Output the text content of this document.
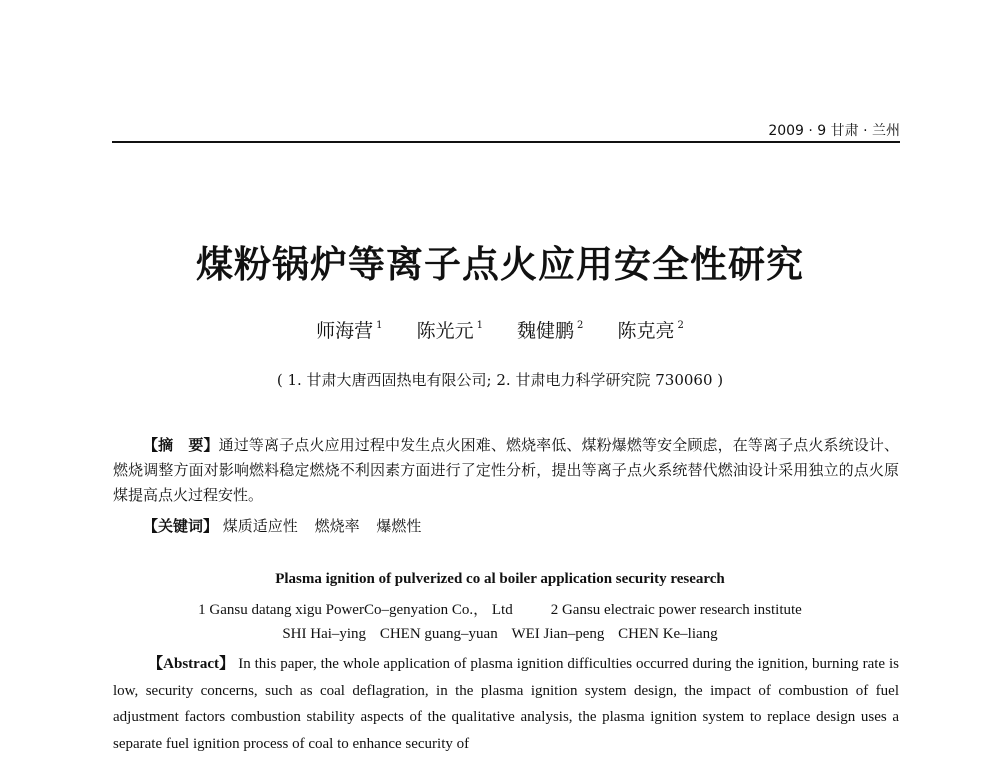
2009 · 9 甘肃 · 兰州
煤粉锅炉等离子点火应用安全性研究
师海营 $^1$ 陈光元 $^1$ 魏健鹏 $^2$ 陈克亮 $^2$
( 1. 甘肃大唐西固热电有限公司; 2. 甘肃电力科学研究院 730060 )

【摘　要】通过等离子点火应用过程中发生点火困难、燃烧率低、煤粉爆燃等安全顾虑，在等离子点火系统设计、燃烧调整方面对影响燃料稳定燃烧不利因素方面进行了定性分析，提出等离子点火系统替代燃油设计采用独立的点火原煤提高点火过程安性。

【关键词】 煤质适应性 燃烧率 爆燃性
Plasma ignition of pulverized co al boiler application security research
1 Gansu datang xigu PowerCo–genyation Co.， Ltd	2 Gansu electraic power research institute
SHI Hai–ying CHEN guang–yuan WEI Jian–peng CHEN Ke–liang

【Abstract】 In this paper, the whole application of plasma ignition difficulties occurred during the ignition, burning rate is low, security concerns, such as coal deflagration, in the plasma ignition system design, the impact of combustion of fuel adjustment factors combustion stability aspects of the qualitative analysis, the plasma ignition system to replace design uses a separate fuel ignition process of coal to enhance security of
